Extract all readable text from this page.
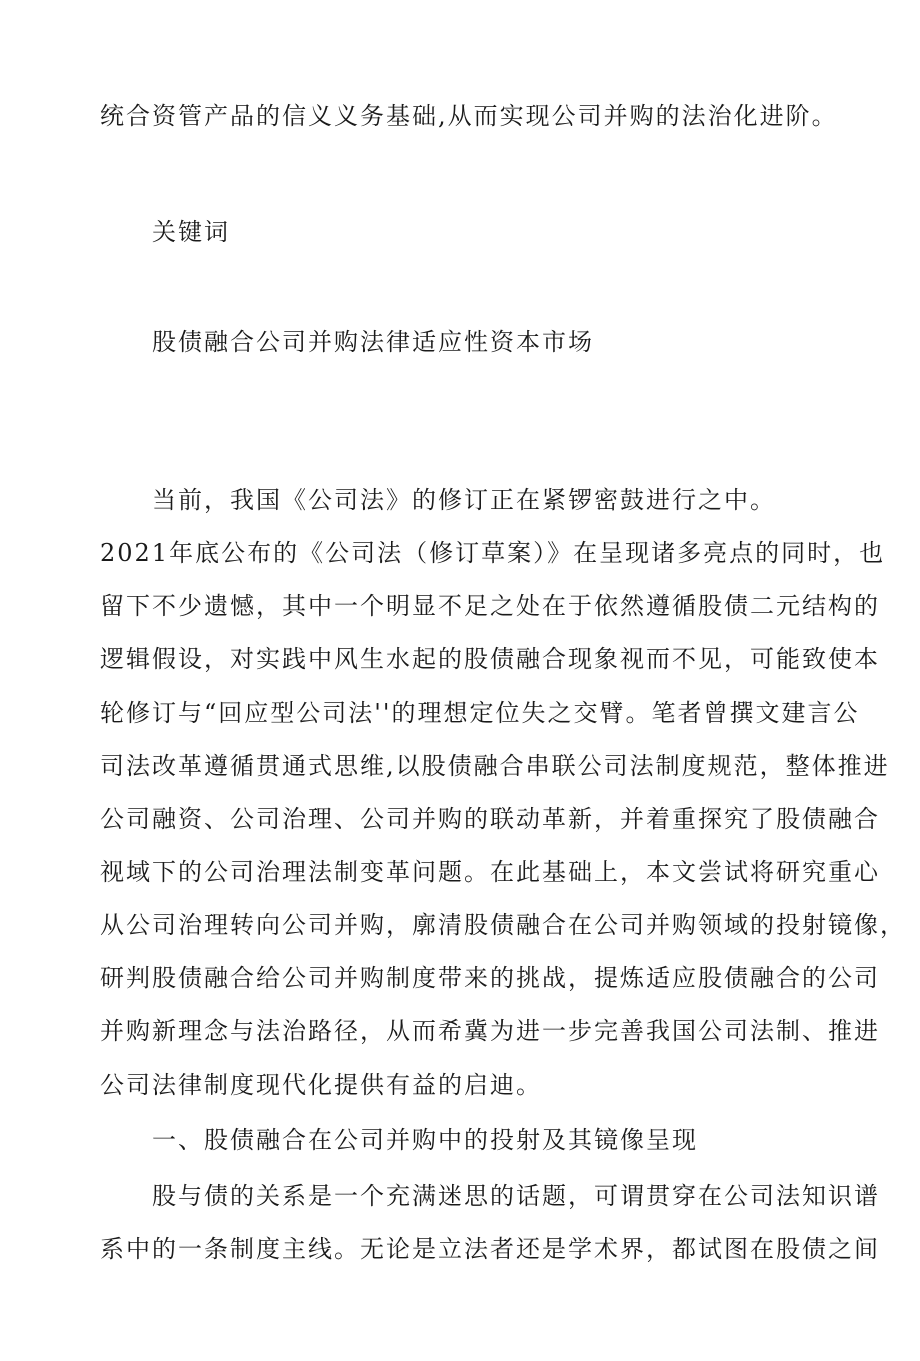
统合资管产品的信义义务基础,从而实现公司并购的法治化进阶。
关键词
股债融合公司并购法律适应性资本市场
当前，我国《公司法》的修订正在紧锣密鼓进行之中。
2021年底公布的《公司法（修订草案）》在呈现诸多亮点的同时，也
留下不少遗憾，其中一个明显不足之处在于依然遵循股债二元结构的
逻辑假设，对实践中风生水起的股债融合现象视而不见，可能致使本
轮修订与“回应型公司法''的理想定位失之交臂。笔者曾撰文建言公
司法改革遵循贯通式思维,以股债融合串联公司法制度规范，整体推进
公司融资、公司治理、公司并购的联动革新，并着重探究了股债融合
视域下的公司治理法制变革问题。在此基础上，本文尝试将研究重心
从公司治理转向公司并购，廓清股债融合在公司并购领域的投射镜像，
研判股债融合给公司并购制度带来的挑战，提炼适应股债融合的公司
并购新理念与法治路径，从而希冀为进一步完善我国公司法制、推进
公司法律制度现代化提供有益的启迪。
一、股债融合在公司并购中的投射及其镜像呈现
股与债的关系是一个充满迷思的话题，可谓贯穿在公司法知识谱
系中的一条制度主线。无论是立法者还是学术界，都试图在股债之间
